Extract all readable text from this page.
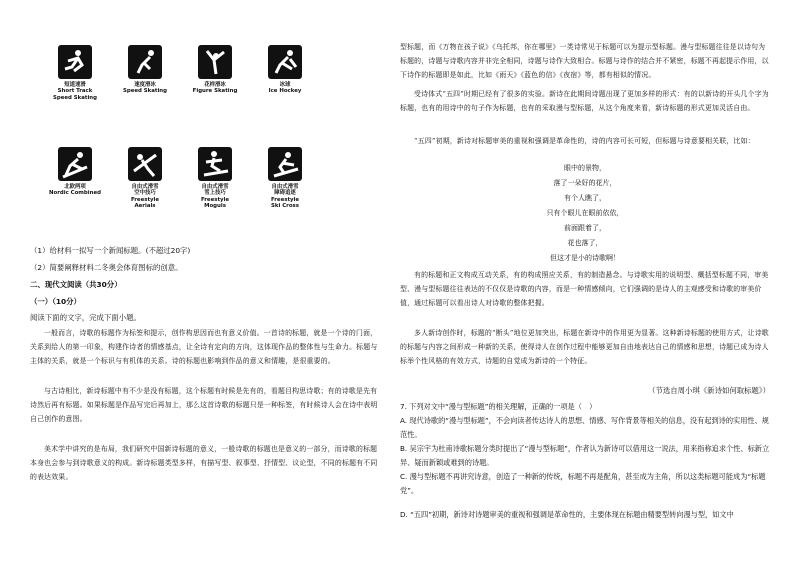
短道速滑
Short Track
Speed Skating
速度滑冰
Speed Skating
花样滑冰
Figure Skating
冰球
Ice Hockey
北欧两项
Nordic Combined
自由式滑雪
空中技巧
Freestyle
Aerials
自由式滑雪
雪上技巧
Freestyle
Moguls
自由式滑雪
障碍追逐
Freestyle
Ski Cross
（1）给材料一拟写一个新闻标题。(不超过20字)
（2）简要阐释材料二冬奥会体育图标的创意。
二、现代文阅读（共30分）
（一）（10分）
阅读下面的文字，完成下面小题。
一般而言，诗歌的标题作为标签和提示，创作构思因而也有意义价值。一首诗的标题，就是一个诗的门面，关系到给人的第一印象，构建作诗者的情感基点，让全诗有定向的方向，这体现作品的整体性与生命力。标题与主体的关系，就是一个标识与有机体的关系。诗的标题也影响到作品的意义和情趣，是很重要的。
与古诗相比，新诗标题中有不少是没有标题，这个标题有时候是先有的，看题目构思诗歌；有的诗歌是先有诗然后再有标题。如果标题是作品写完后再加上，那么这首诗歌的标题只是一种标签，有时候诗人会在诗中表明自己创作的意图。
美术学中讲究的是布局，我们研究中国新诗标题的意义，一般诗歌的标题也是意义的一部分，而诗歌的标题本身也会参与到诗歌意义的构成。新诗标题类型多样，有描写型、叙事型、抒情型、议论型，不同的标题有不同的表达效果。
型标题，而《万物在孩子说》《乌托邦，你在哪里》一类诗常见于标题可以为提示型标题。漫与型标题往往是以诗句为标题的，诗题与诗歌内容并非完全相同，诗题与诗作大致相合。标题与诗作的结合并不紧密，标题不再起提示作用，以下诗作的标题即是如此，比如《雨天》《蓝色的信》《夜宿》等，都有相似的情况。
受诗体式“五四”时期已经有了很多的实验。新诗在此期间诗题出现了更加多样的形式：有的以新诗的开头几个字为标题，也有的用诗中的句子作为标题，也有的采取漫与型标题，从这个角度来看，新诗标题的形式更加灵活自由。
“五四”初期，新诗对标题审美的重视和强调是革命性的，诗的内容可长可短，但标题与诗意要相关联，比如：
眼中的景物，
落了一朵好的花片，
有个人瞧了，
只有个眼儿在眼前依依，
前面跟着了，
花也落了，
但这才是小的诗歌啊！
有的标题和正文构成互动关系，有的构成照应关系，有的制造悬念。与诗歌实用的说明型、概括型标题不同，审美型、漫与型标题往往表达的不仅仅是诗歌的内容，而是一种情感倾向，它们强调的是诗人的主观感受和诗歌的审美价值，通过标题可以看出诗人对诗歌的整体把握。
多人新诗创作时，标题的“断头”地位更加突出，标题在新诗中的作用更为显著。这种新诗标题的使用方式，让诗歌的标题与内容之间形成一种新的关系，使得诗人在创作过程中能够更加自由地表达自己的情感和思想，诗题已成为诗人标举个性风格的有效方式，诗题的自觉成为新诗的一个特征。
（节选自周小琪《新诗如何取标题》）
7. 下列对文中“漫与型标题”的相关理解，正确的一项是（　）
A. 现代诗歌的“漫与型标题”，不会向读者传达诗人的思想、情感、写作背景等相关的信息，没有起到诗的实用性、规范性。
B. 吴宗宇为杜甫诗歌标题分类时提出了“漫与型标题”，作者认为新诗可以借用这一说法，用来指称追求个性、标新立异、疑而新颖或难到的诗题。
C. 漫与型标题不再讲究诗意，创造了一种新的传统，标题不再是配角，甚至成为主角，所以这类标题可能成为“标题党”。
D. “五四”初期，新诗对诗题审美的重视和强调是革命性的，主要体现在标题由精要型转向漫与型，如文中
